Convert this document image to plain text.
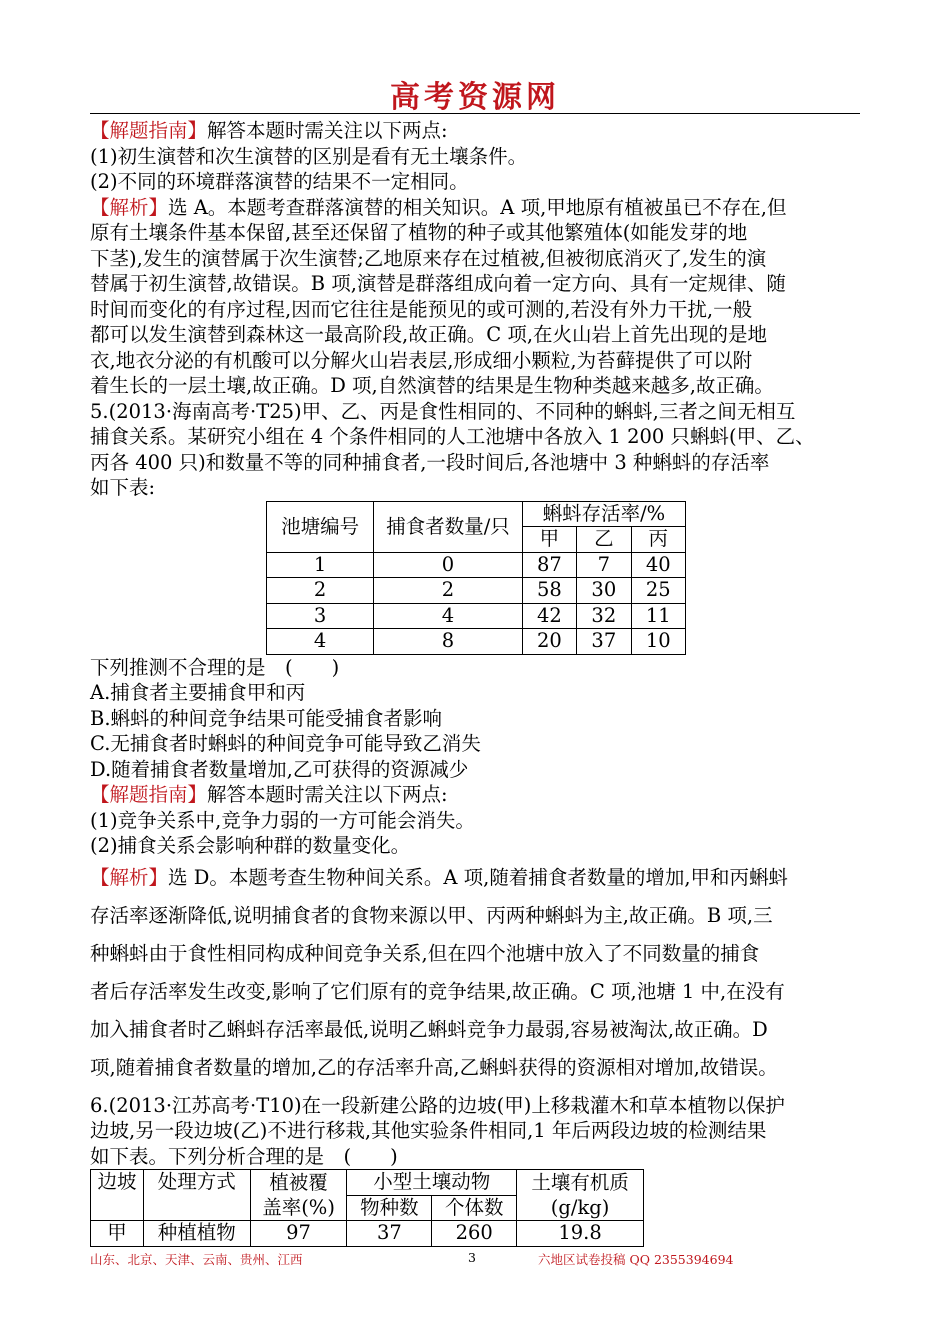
高考资源网
【解题指南】解答本题时需关注以下两点:
(1)初生演替和次生演替的区别是看有无土壤条件。
(2)不同的环境群落演替的结果不一定相同。
【解析】选 A。本题考查群落演替的相关知识。A 项,甲地原有植被虽已不存在,但
原有土壤条件基本保留,甚至还保留了植物的种子或其他繁殖体(如能发芽的地
下茎),发生的演替属于次生演替;乙地原来存在过植被,但被彻底消灭了,发生的演
替属于初生演替,故错误。B 项,演替是群落组成向着一定方向、具有一定规律、随
时间而变化的有序过程,因而它往往是能预见的或可测的,若没有外力干扰,一般
都可以发生演替到森林这一最高阶段,故正确。C 项,在火山岩上首先出现的是地
衣,地衣分泌的有机酸可以分解火山岩表层,形成细小颗粒,为苔藓提供了可以附
着生长的一层土壤,故正确。D 项,自然演替的结果是生物种类越来越多,故正确。
5.(2013·海南高考·T25)甲、乙、丙是食性相同的、不同种的蝌蚪,三者之间无相互
捕食关系。某研究小组在 4 个条件相同的人工池塘中各放入 1 200 只蝌蚪(甲、乙、
丙各 400 只)和数量不等的同种捕食者,一段时间后,各池塘中 3 种蝌蚪的存活率
如下表:
池塘编号	捕食者数量/只	蝌蚪存活率/%		
		甲	乙	丙
1	0	87	7	40
2	2	58	30	25
3	4	42	32	11
4	8	20	37	10
下列推测不合理的是　(　　)
A.捕食者主要捕食甲和丙
B.蝌蚪的种间竞争结果可能受捕食者影响
C.无捕食者时蝌蚪的种间竞争可能导致乙消失
D.随着捕食者数量增加,乙可获得的资源减少
【解题指南】解答本题时需关注以下两点:
(1)竞争关系中,竞争力弱的一方可能会消失。
(2)捕食关系会影响种群的数量变化。
【解析】选 D。本题考查生物种间关系。A 项,随着捕食者数量的增加,甲和丙蝌蚪
存活率逐渐降低,说明捕食者的食物来源以甲、丙两种蝌蚪为主,故正确。B 项,三
种蝌蚪由于食性相同构成种间竞争关系,但在四个池塘中放入了不同数量的捕食
者后存活率发生改变,影响了它们原有的竞争结果,故正确。C 项,池塘 1 中,在没有
加入捕食者时乙蝌蚪存活率最低,说明乙蝌蚪竞争力最弱,容易被淘汰,故正确。D
项,随着捕食者数量的增加,乙的存活率升高,乙蝌蚪获得的资源相对增加,故错误。
6.(2013·江苏高考·T10)在一段新建公路的边坡(甲)上移栽灌木和草本植物以保护
边坡,另一段边坡(乙)不进行移栽,其他实验条件相同,1 年后两段边坡的检测结果
如下表。下列分析合理的是　(　　)
边坡	处理方式	植被覆	小型土壤动物		土壤有机质
		盖率(%)	物种数	个体数	(g/kg)
甲	种植植物	97	37	260	19.8
山东、北京、天津、云南、贵州、江西	3	六地区试卷投稿 QQ 2355394694
